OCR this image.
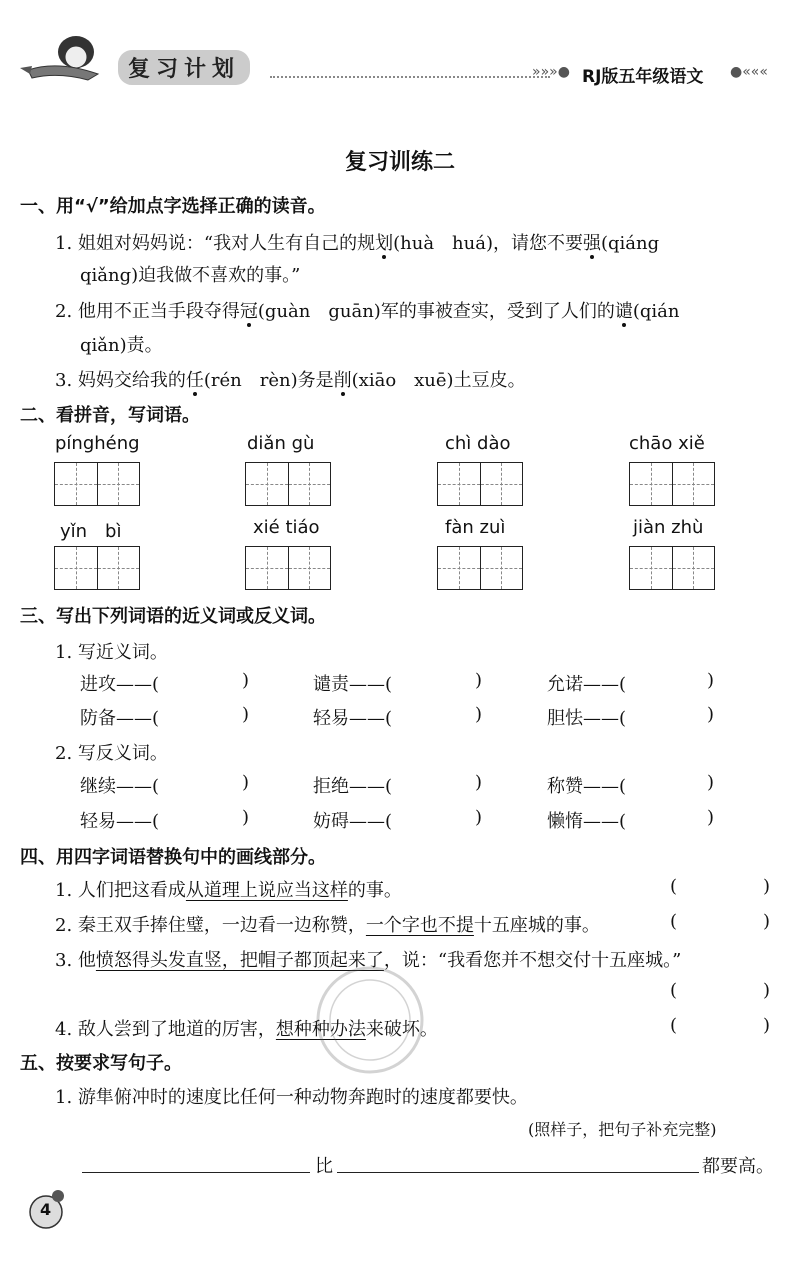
复习计划	»»»● RJ版五年级语文 ●«««
复习训练二
一、用“√”给加点字选择正确的读音。
1. 姐姐对妈妈说：“我对人生有自己的规划(huà　huá)，请您不要强(qiáng
qiǎng)迫我做不喜欢的事。”
2. 他用不正当手段夺得冠(guàn　guān)军的事被查实，受到了人们的谴(qián
qiǎn)责。
3. 妈妈交给我的任(rén　rèn)务是削(xiāo　xuē)土豆皮。
二、看拼音，写词语。
pínghéng	diǎn gù	chì dào	chāo xiě
yǐn　bì	xié tiáo	fàn zuì	jiàn zhù
三、写出下列词语的近义词或反义词。
1. 写近义词。
进攻——(	)	谴责——(	)	允诺——(	)
防备——(	)	轻易——(	)	胆怯——(	)
2. 写反义词。
继续——(	)	拒绝——(	)	称赞——(	)
轻易——(	)	妨碍——(	)	懒惰——(	)
四、用四字词语替换句中的画线部分。
1. 人们把这看成从道理上说应当这样的事。	(	)
2. 秦王双手捧住璧，一边看一边称赞，一个字也不提十五座城的事。	(	)
3. 他愤怒得头发直竖，把帽子都顶起来了，说：“我看您并不想交付十五座城。”
(	)
4. 敌人尝到了地道的厉害，想种种办法来破坏。	(	)
五、按要求写句子。
1. 游隼俯冲时的速度比任何一种动物奔跑时的速度都要快。
(照样子，把句子补充完整)
比	都要高。
4
